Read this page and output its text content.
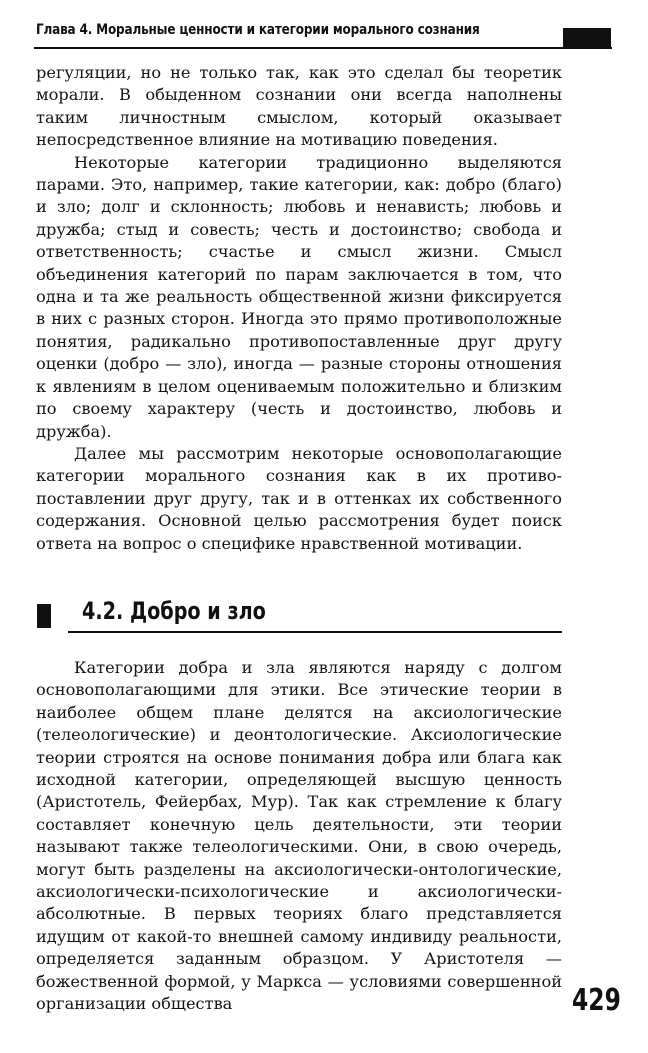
Глава 4. Моральные ценности и категории морального сознания

регуляции, но не только так, как это сделал бы теоретик морали. В обыденном сознании они всегда наполнены таким личностным смыслом, который оказывает непосредственное влияние на мотивацию поведения.

Некоторые категории традиционно выделяются парами. Это, например, такие категории, как: добро (благо) и зло; долг и склонность; любовь и ненависть; любовь и дружба; стыд и совесть; честь и достоинство; свобода и ответственность; счастье и смысл жизни. Смысл объединения категорий по парам заключается в том, что одна и та же реальность общественной жизни фиксируется в них с разных сторон. Иногда это прямо противоположные понятия, радикально противопоставленные друг другу оценки (добро — зло), иногда — разные стороны отношения к явлениям в целом оцениваемым положительно и близким по своему характеру (честь и достоинство, любовь и дружба).

Далее мы рассмотрим некоторые основополагающие категории морального сознания как в их противопоставлении друг другу, так и в оттенках их собственного содержания. Основной целью рассмотрения будет поиск ответа на вопрос о специфике нравственной мотивации.

4.2. Добро и зло

Категории добра и зла являются наряду с долгом основополагающими для этики. Все этические теории в наиболее общем плане делятся на аксиологические (телеологические) и деонтологические. Аксиологические теории строятся на основе понимания добра или блага как исходной категории, определяющей высшую ценность (Аристотель, Фейербах, Мур). Так как стремление к благу составляет конечную цель деятельности, эти теории называют также телеологическими. Они, в свою очередь, могут быть разделены на аксиологически-онтологические, аксиологически-психологические и аксиологически-абсолютные. В первых теориях благо представляется идущим от какой-то внешней самому индивиду реальности, определяется заданным образцом. У Аристотеля — божественной формой, у Маркса — условиями совершенной организации общества	429
